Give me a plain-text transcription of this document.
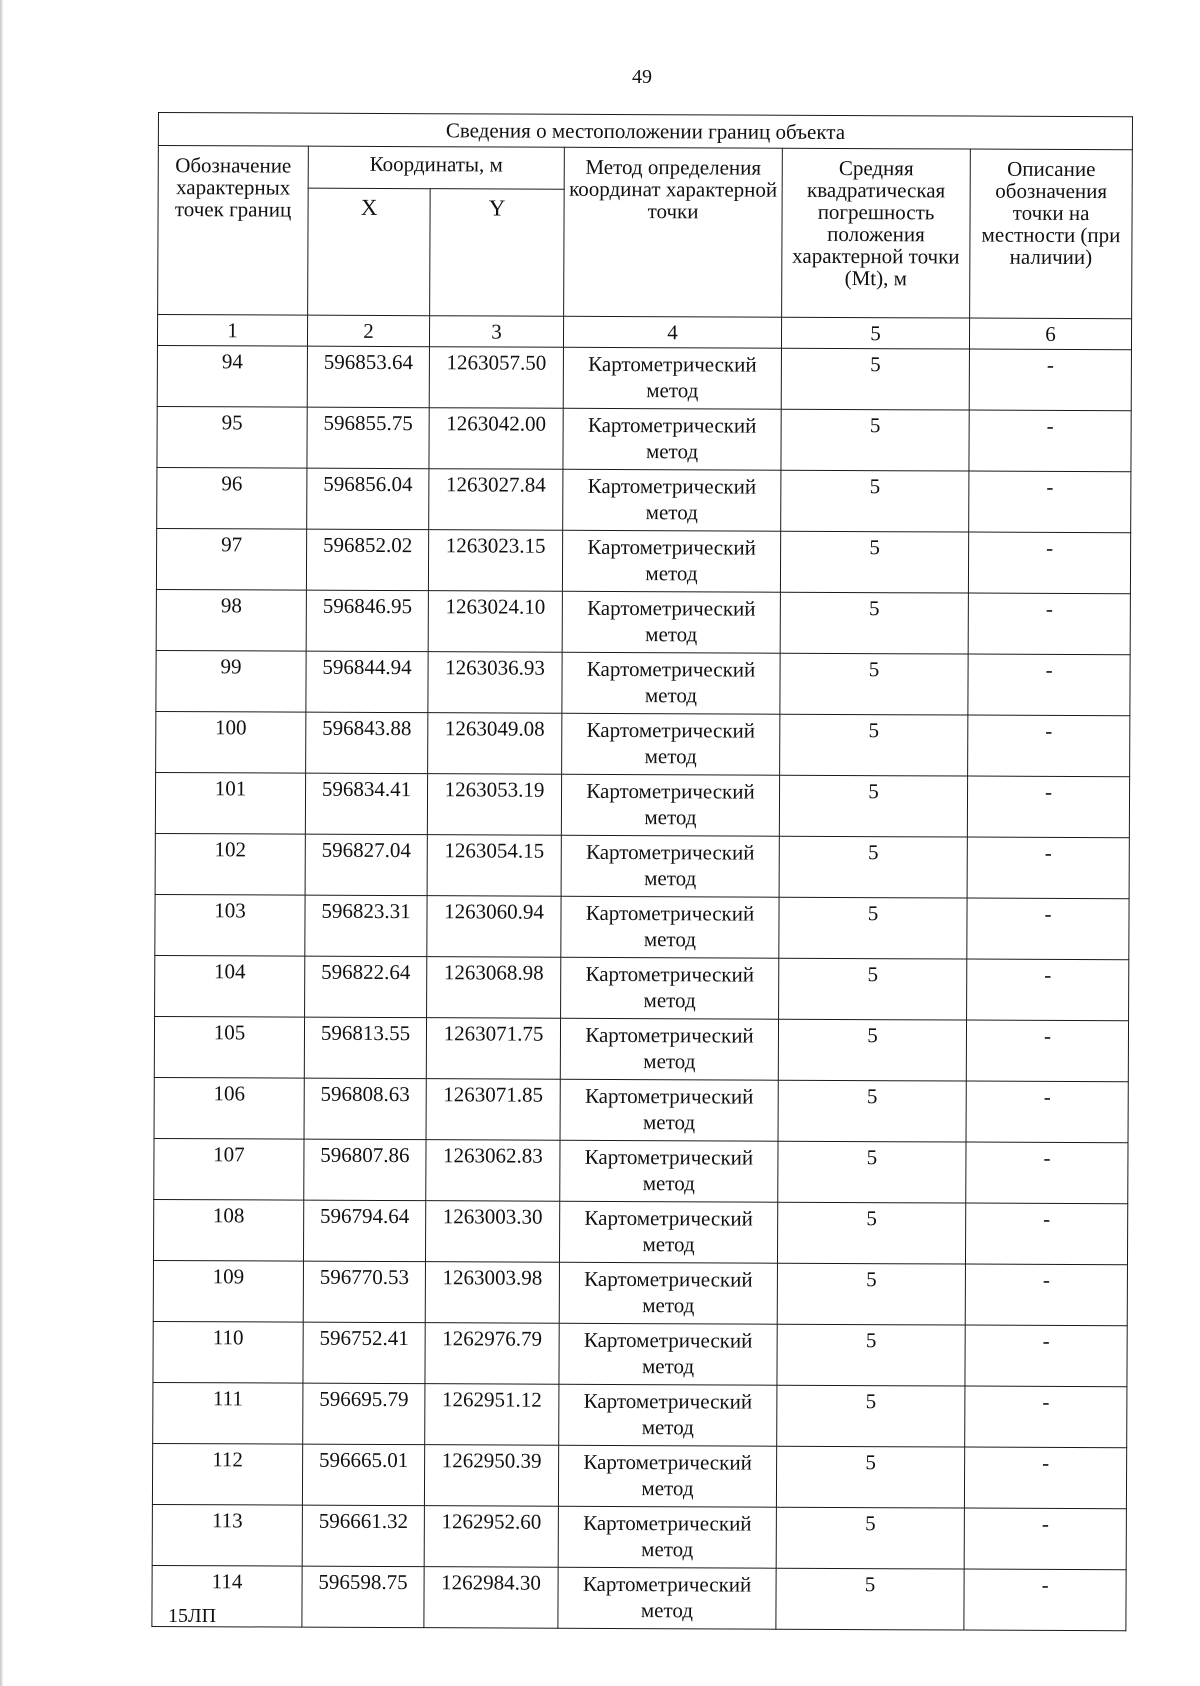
49
Сведения о местоположении границ объекта					
Обозначение характерных точек границ	Координаты, м		Метод определения координат характерной точки	Средняя квадратическая погрешность положения характерной точки (Mt), м	Описание обозначения точки на местности (при наличии)
	X	Y			
1	2	3	4	5	6
94	596853.64	1263057.50	Картометрический метод	5	-
95	596855.75	1263042.00	Картометрический метод	5	-
96	596856.04	1263027.84	Картометрический метод	5	-
97	596852.02	1263023.15	Картометрический метод	5	-
98	596846.95	1263024.10	Картометрический метод	5	-
99	596844.94	1263036.93	Картометрический метод	5	-
100	596843.88	1263049.08	Картометрический метод	5	-
101	596834.41	1263053.19	Картометрический метод	5	-
102	596827.04	1263054.15	Картометрический метод	5	-
103	596823.31	1263060.94	Картометрический метод	5	-
104	596822.64	1263068.98	Картометрический метод	5	-
105	596813.55	1263071.75	Картометрический метод	5	-
106	596808.63	1263071.85	Картометрический метод	5	-
107	596807.86	1263062.83	Картометрический метод	5	-
108	596794.64	1263003.30	Картометрический метод	5	-
109	596770.53	1263003.98	Картометрический метод	5	-
110	596752.41	1262976.79	Картометрический метод	5	-
111	596695.79	1262951.12	Картометрический метод	5	-
112	596665.01	1262950.39	Картометрический метод	5	-
113	596661.32	1262952.60	Картометрический метод	5	-
114	596598.75	1262984.30	Картометрический метод	5	-
15ЛП
